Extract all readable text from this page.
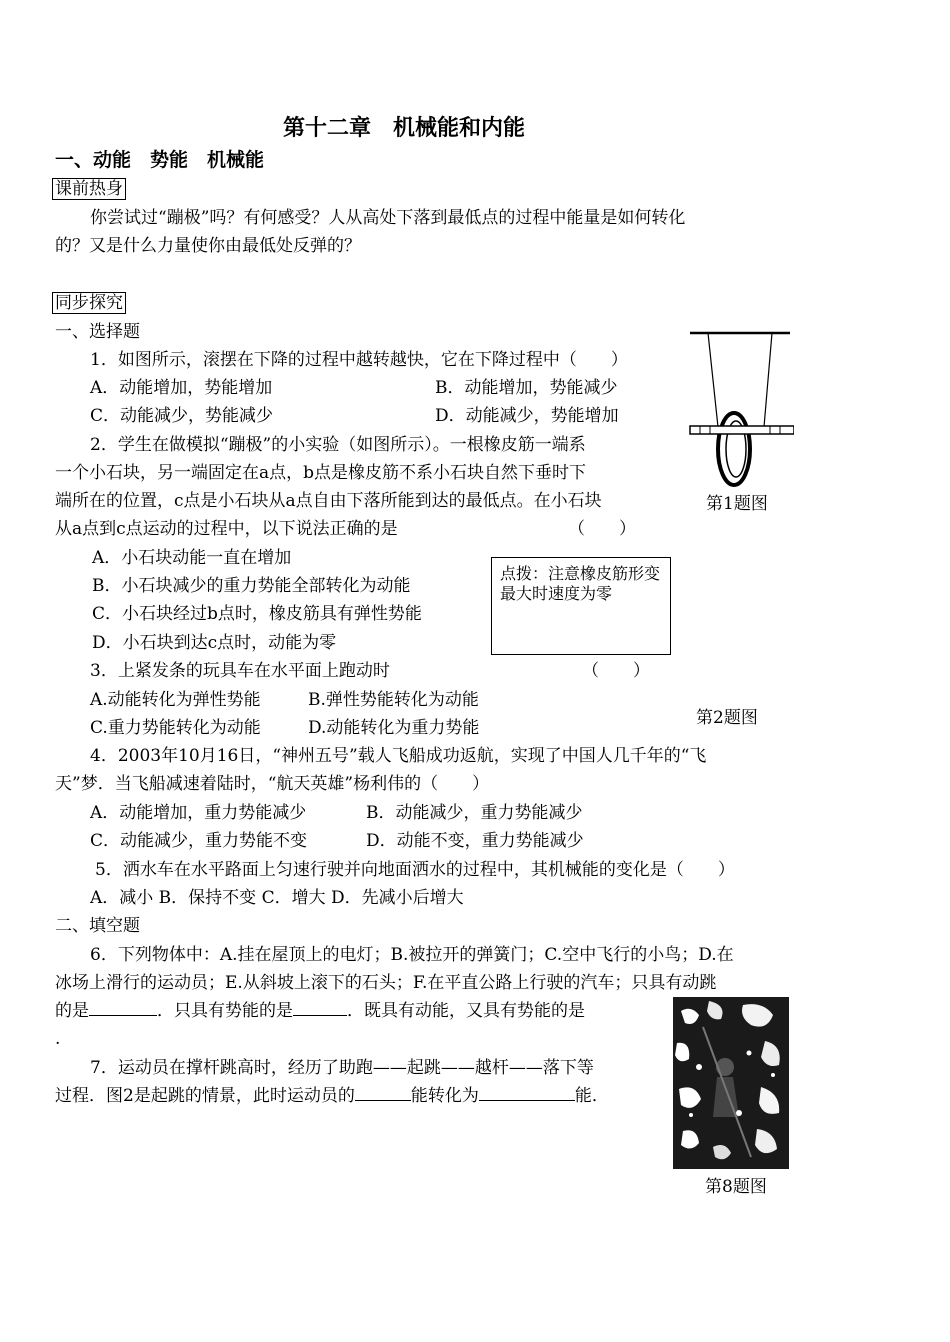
第十二章　机械能和内能
一、动能　势能　机械能
课前热身
你尝试过“蹦极”吗？有何感受？人从高处下落到最低点的过程中能量是如何转化
的？又是什么力量使你由最低处反弹的？
同步探究
一、选择题
1．如图所示，滚摆在下降的过程中越转越快，它在下降过程中（　　）
A．动能增加，势能增加	B．动能增加，势能减少
C．动能减少，势能减少	D．动能减少，势能增加
2．学生在做模拟“蹦极”的小实验（如图所示）。一根橡皮筋一端系
一个小石块，另一端固定在a点，b点是橡皮筋不系小石块自然下垂时下
端所在的位置，c点是小石块从a点自由下落所能到达的最低点。在小石块
从a点到c点运动的过程中，以下说法正确的是	（　　）
A．小石块动能一直在增加
B．小石块减少的重力势能全部转化为动能
C．小石块经过b点时，橡皮筋具有弹性势能
D．小石块到达c点时，动能为零
点拨：注意橡皮筋形变最大时速度为零
3．上紧发条的玩具车在水平面上跑动时	（　　）
A.动能转化为弹性势能	B.弹性势能转化为动能
C.重力势能转化为动能	D.动能转化为重力势能
4．2003年10月16日，“神州五号”载人飞船成功返航，实现了中国人几千年的“飞
天”梦．当飞船减速着陆时，“航天英雄”杨利伟的（　　）
A．动能增加，重力势能减少	B．动能减少，重力势能减少
C．动能减少，重力势能不变	D．动能不变，重力势能减少
5．洒水车在水平路面上匀速行驶并向地面洒水的过程中，其机械能的变化是（　　）
A．减小 B．保持不变 C．增大 D．先减小后增大
二、填空题
6．下列物体中：A.挂在屋顶上的电灯；B.被拉开的弹簧门；C.空中飞行的小鸟；D.在
冰场上滑行的运动员；E.从斜坡上滚下的石头；F.在平直公路上行驶的汽车；只具有动跳
的是	．只具有势能的是	．既具有动能，又具有势能的是
.
7．运动员在撑杆跳高时，经历了助跑——起跳——越杆——落下等
过程．图2是起跳的情景，此时运动员的	能转化为	能．
第1题图
第2题图
第8题图
